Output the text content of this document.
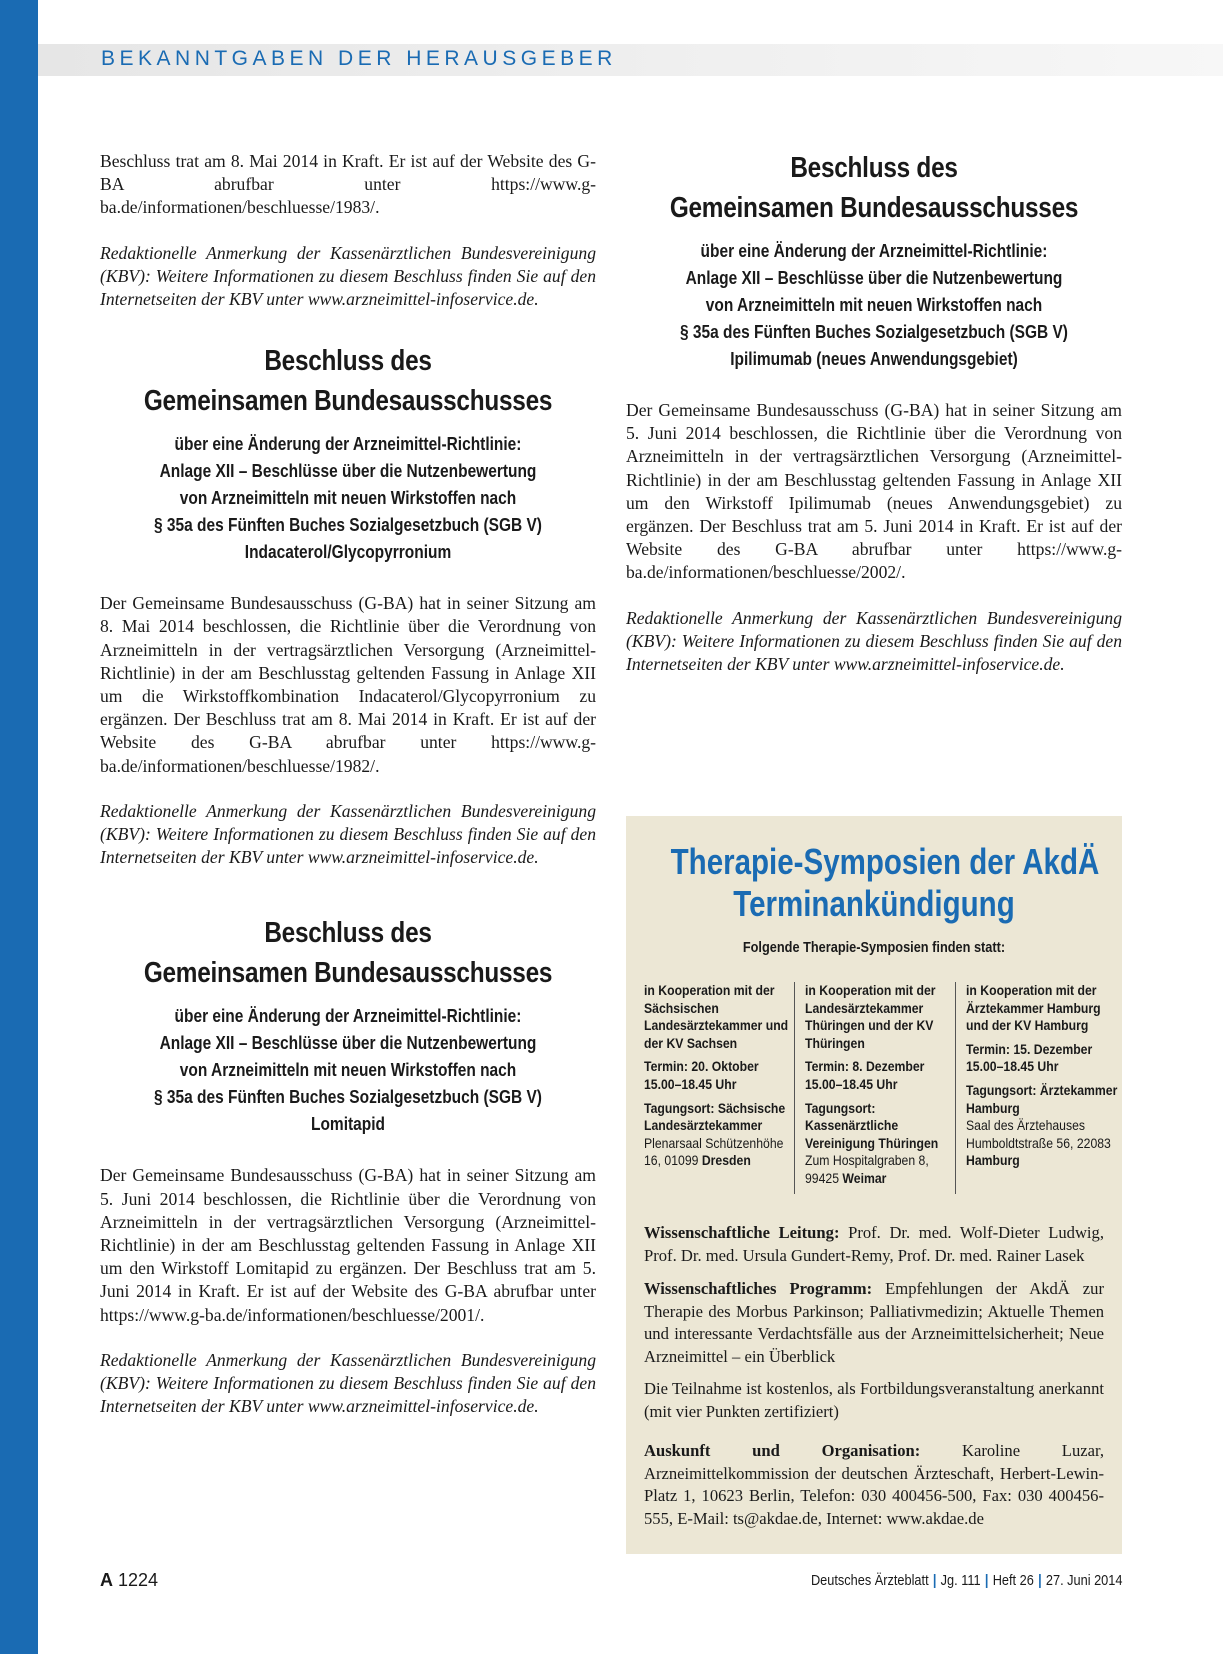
BEKANNTGABEN DER HERAUSGEBER

Beschluss trat am 8. Mai 2014 in Kraft. Er ist auf der Website des G-BA abrufbar unter https://www.g-ba.de/informationen/beschluesse/1983/.

Redaktionelle Anmerkung der Kassenärztlichen Bundesvereinigung (KBV): Weitere Informationen zu diesem Beschluss finden Sie auf den Internetseiten der KBV unter www.arzneimittel-infoservice.de.

Beschluss des
Gemeinsamen Bundesausschusses
über eine Änderung der Arzneimittel-Richtlinie:
Anlage XII – Beschlüsse über die Nutzenbewertung
von Arzneimitteln mit neuen Wirkstoffen nach
§ 35a des Fünften Buches Sozialgesetzbuch (SGB V)
Indacaterol/Glycopyrronium

Der Gemeinsame Bundesausschuss (G-BA) hat in seiner Sitzung am 8. Mai 2014 beschlossen, die Richtlinie über die Verordnung von Arzneimitteln in der vertragsärztlichen Versorgung (Arzneimittel-Richtlinie) in der am Beschlusstag geltenden Fassung in Anlage XII um die Wirkstoffkombination Indacaterol/Glycopyrronium zu ergänzen. Der Beschluss trat am 8. Mai 2014 in Kraft. Er ist auf der Website des G-BA abrufbar unter https://www.g-ba.de/informationen/beschluesse/1982/.

Redaktionelle Anmerkung der Kassenärztlichen Bundesvereinigung (KBV): Weitere Informationen zu diesem Beschluss finden Sie auf den Internetseiten der KBV unter www.arzneimittel-infoservice.de.

Beschluss des
Gemeinsamen Bundesausschusses
über eine Änderung der Arzneimittel-Richtlinie:
Anlage XII – Beschlüsse über die Nutzenbewertung
von Arzneimitteln mit neuen Wirkstoffen nach
§ 35a des Fünften Buches Sozialgesetzbuch (SGB V)
Lomitapid

Der Gemeinsame Bundesausschuss (G-BA) hat in seiner Sitzung am 5. Juni 2014 beschlossen, die Richtlinie über die Verordnung von Arzneimitteln in der vertragsärztlichen Versorgung (Arzneimittel-Richtlinie) in der am Beschlusstag geltenden Fassung in Anlage XII um den Wirkstoff Lomitapid zu ergänzen. Der Beschluss trat am 5. Juni 2014 in Kraft. Er ist auf der Website des G-BA abrufbar unter https://www.g-ba.de/informationen/beschluesse/2001/.

Redaktionelle Anmerkung der Kassenärztlichen Bundesvereinigung (KBV): Weitere Informationen zu diesem Beschluss finden Sie auf den Internetseiten der KBV unter www.arzneimittel-infoservice.de.

Beschluss des
Gemeinsamen Bundesausschusses
über eine Änderung der Arzneimittel-Richtlinie:
Anlage XII – Beschlüsse über die Nutzenbewertung
von Arzneimitteln mit neuen Wirkstoffen nach
§ 35a des Fünften Buches Sozialgesetzbuch (SGB V)
Ipilimumab (neues Anwendungsgebiet)

Der Gemeinsame Bundesausschuss (G-BA) hat in seiner Sitzung am 5. Juni 2014 beschlossen, die Richtlinie über die Verordnung von Arzneimitteln in der vertragsärztlichen Versorgung (Arzneimittel-Richtlinie) in der am Beschlusstag geltenden Fassung in Anlage XII um den Wirkstoff Ipilimumab (neues Anwendungsgebiet) zu ergänzen. Der Beschluss trat am 5. Juni 2014 in Kraft. Er ist auf der Website des G-BA abrufbar unter https://www.g-ba.de/informationen/beschluesse/2002/.

Redaktionelle Anmerkung der Kassenärztlichen Bundesvereinigung (KBV): Weitere Informationen zu diesem Beschluss finden Sie auf den Internetseiten der KBV unter www.arzneimittel-infoservice.de.

Therapie-Symposien der AkdÄ
Terminankündigung
Folgende Therapie-Symposien finden statt:
in Kooperation mit der Sächsischen Landesärztekammer und der KV Sachsen
Termin: 20. Oktober 15.00–18.45 Uhr
Tagungsort: Sächsische Landesärztekammer
Plenarsaal Schützenhöhe 16, 01099 Dresden
in Kooperation mit der Landesärztekammer Thüringen und der KV Thüringen
Termin: 8. Dezember 15.00–18.45 Uhr
Tagungsort: Kassenärztliche Vereinigung Thüringen
Zum Hospitalgraben 8, 99425 Weimar
in Kooperation mit der Ärztekammer Hamburg und der KV Hamburg
Termin: 15. Dezember 15.00–18.45 Uhr
Tagungsort: Ärztekammer Hamburg
Saal des Ärztehauses Humboldtstraße 56, 22083 Hamburg

Wissenschaftliche Leitung: Prof. Dr. med. Wolf-Dieter Ludwig, Prof. Dr. med. Ursula Gundert-Remy, Prof. Dr. med. Rainer Lasek

Wissenschaftliches Programm: Empfehlungen der AkdÄ zur Therapie des Morbus Parkinson; Palliativmedizin; Aktuelle Themen und interessante Verdachtsfälle aus der Arzneimittelsicherheit; Neue Arzneimittel – ein Überblick

Die Teilnahme ist kostenlos, als Fortbildungsveranstaltung anerkannt (mit vier Punkten zertifiziert)

Auskunft und Organisation:	Karoline Luzar, Arzneimittelkommission der deutschen Ärzteschaft, Herbert-Lewin-Platz 1, 10623 Berlin, Telefon: 030 400456-500, Fax: 030 400456-555, E-Mail: ts@akdae.de, Internet: www.akdae.de

A 1224	Deutsches Ärzteblatt | Jg. 111 | Heft 26 | 27. Juni 2014
